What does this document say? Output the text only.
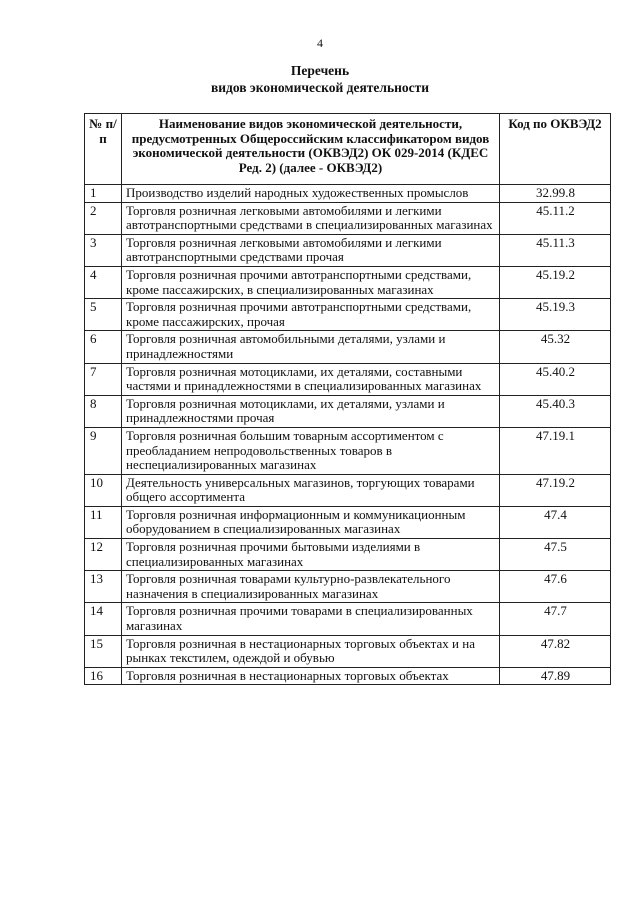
4
Перечень
видов экономической деятельности
№ п/п	Наименование видов экономической деятельности, предусмотренных Общероссийским классификатором видов экономической деятельности (ОКВЭД2) ОК 029-2014 (КДЕС Ред. 2) (далее - ОКВЭД2)	Код по ОКВЭД2
1	Производство изделий народных художественных промыслов	32.99.8
2	Торговля розничная легковыми автомобилями и легкими автотранспортными средствами в специализированных магазинах	45.11.2
3	Торговля розничная легковыми автомобилями и легкими автотранспортными средствами прочая	45.11.3
4	Торговля розничная прочими автотранспортными средствами, кроме пассажирских, в специализированных магазинах	45.19.2
5	Торговля розничная прочими автотранспортными средствами, кроме пассажирских, прочая	45.19.3
6	Торговля розничная автомобильными деталями, узлами и принадлежностями	45.32
7	Торговля розничная мотоциклами, их деталями, составными частями и принадлежностями в специализированных магазинах	45.40.2
8	Торговля розничная мотоциклами, их деталями, узлами и принадлежностями прочая	45.40.3
9	Торговля розничная большим товарным ассортиментом с преобладанием непродовольственных товаров в неспециализированных магазинах	47.19.1
10	Деятельность универсальных магазинов, торгующих товарами общего ассортимента	47.19.2
11	Торговля розничная информационным и коммуникационным оборудованием в специализированных магазинах	47.4
12	Торговля розничная прочими бытовыми изделиями в специализированных магазинах	47.5
13	Торговля розничная товарами культурно-развлекательного назначения в специализированных магазинах	47.6
14	Торговля розничная прочими товарами в специализированных магазинах	47.7
15	Торговля розничная в нестационарных торговых объектах и на рынках текстилем, одеждой и обувью	47.82
16	Торговля розничная в нестационарных торговых объектах	47.89
